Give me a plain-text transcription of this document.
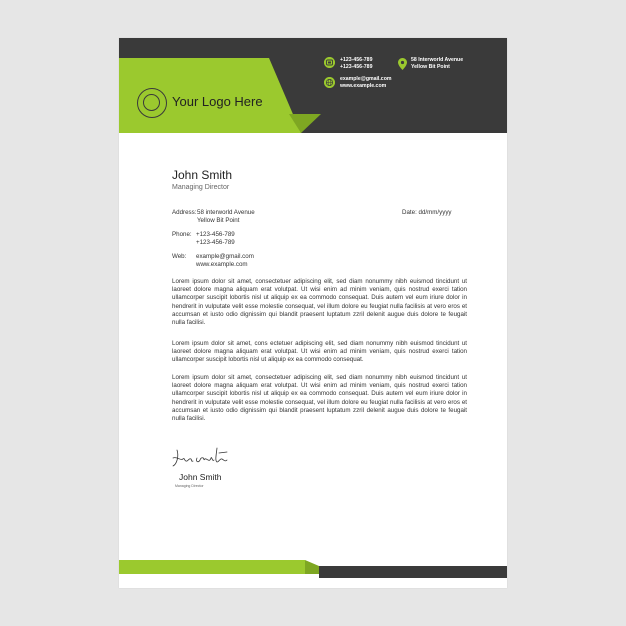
Your Logo Here
+123-456-789
+123-456-789
example@gmail.com
www.example.com
58 Interworld Avenue
Yellow Bit Point
John Smith
Managing Director
Address: 58 interworld Avenue
Yellow Bit Point
Date: dd/mm/yyyy
Phone: +123-456-789
+123-456-789
Web: example@gmail.com
www.example.com
Lorem ipsum dolor sit amet, consectetuer adipiscing elit, sed diam nonummy nibh euismod tincidunt ut laoreet dolore magna aliquam erat volutpat. Ut wisi enim ad minim veniam, quis nostrud exerci tation ullamcorper suscipit lobortis nisl ut aliquip ex ea commodo consequat. Duis autem vel eum iriure dolor in hendrerit in vulputate velit esse molestie consequat, vel illum dolore eu feugiat nulla facilisis at vero eros et accumsan et iusto odio dignissim qui blandit praesent luptatum zzril delenit augue duis dolore te feugait nulla facilisi.
Lorem ipsum dolor sit amet, cons ectetuer adipiscing elit, sed diam nonummy nibh euismod tincidunt ut laoreet dolore magna aliquam erat volutpat. Ut wisi enim ad minim veniam, quis nostrud exerci tation ullamcorper suscipit lobortis nisl ut aliquip ex ea commodo consequat.
Lorem ipsum dolor sit amet, consectetuer adipiscing elit, sed diam nonummy nibh euismod tincidunt ut laoreet dolore magna aliquam erat volutpat. Ut wisi enim ad minim veniam, quis nostrud exerci tation ullamcorper suscipit lobortis nisl ut aliquip ex ea commodo consequat. Duis autem vel eum iriure dolor in hendrerit in vulputate velit esse molestie consequat, vel illum dolore eu feugiat nulla facilisis at vero eros et accumsan et iusto odio dignissim qui blandit praesent luptatum zzril delenit augue duis dolore te feugait nulla facilisi.
John Smith
Managing Director
